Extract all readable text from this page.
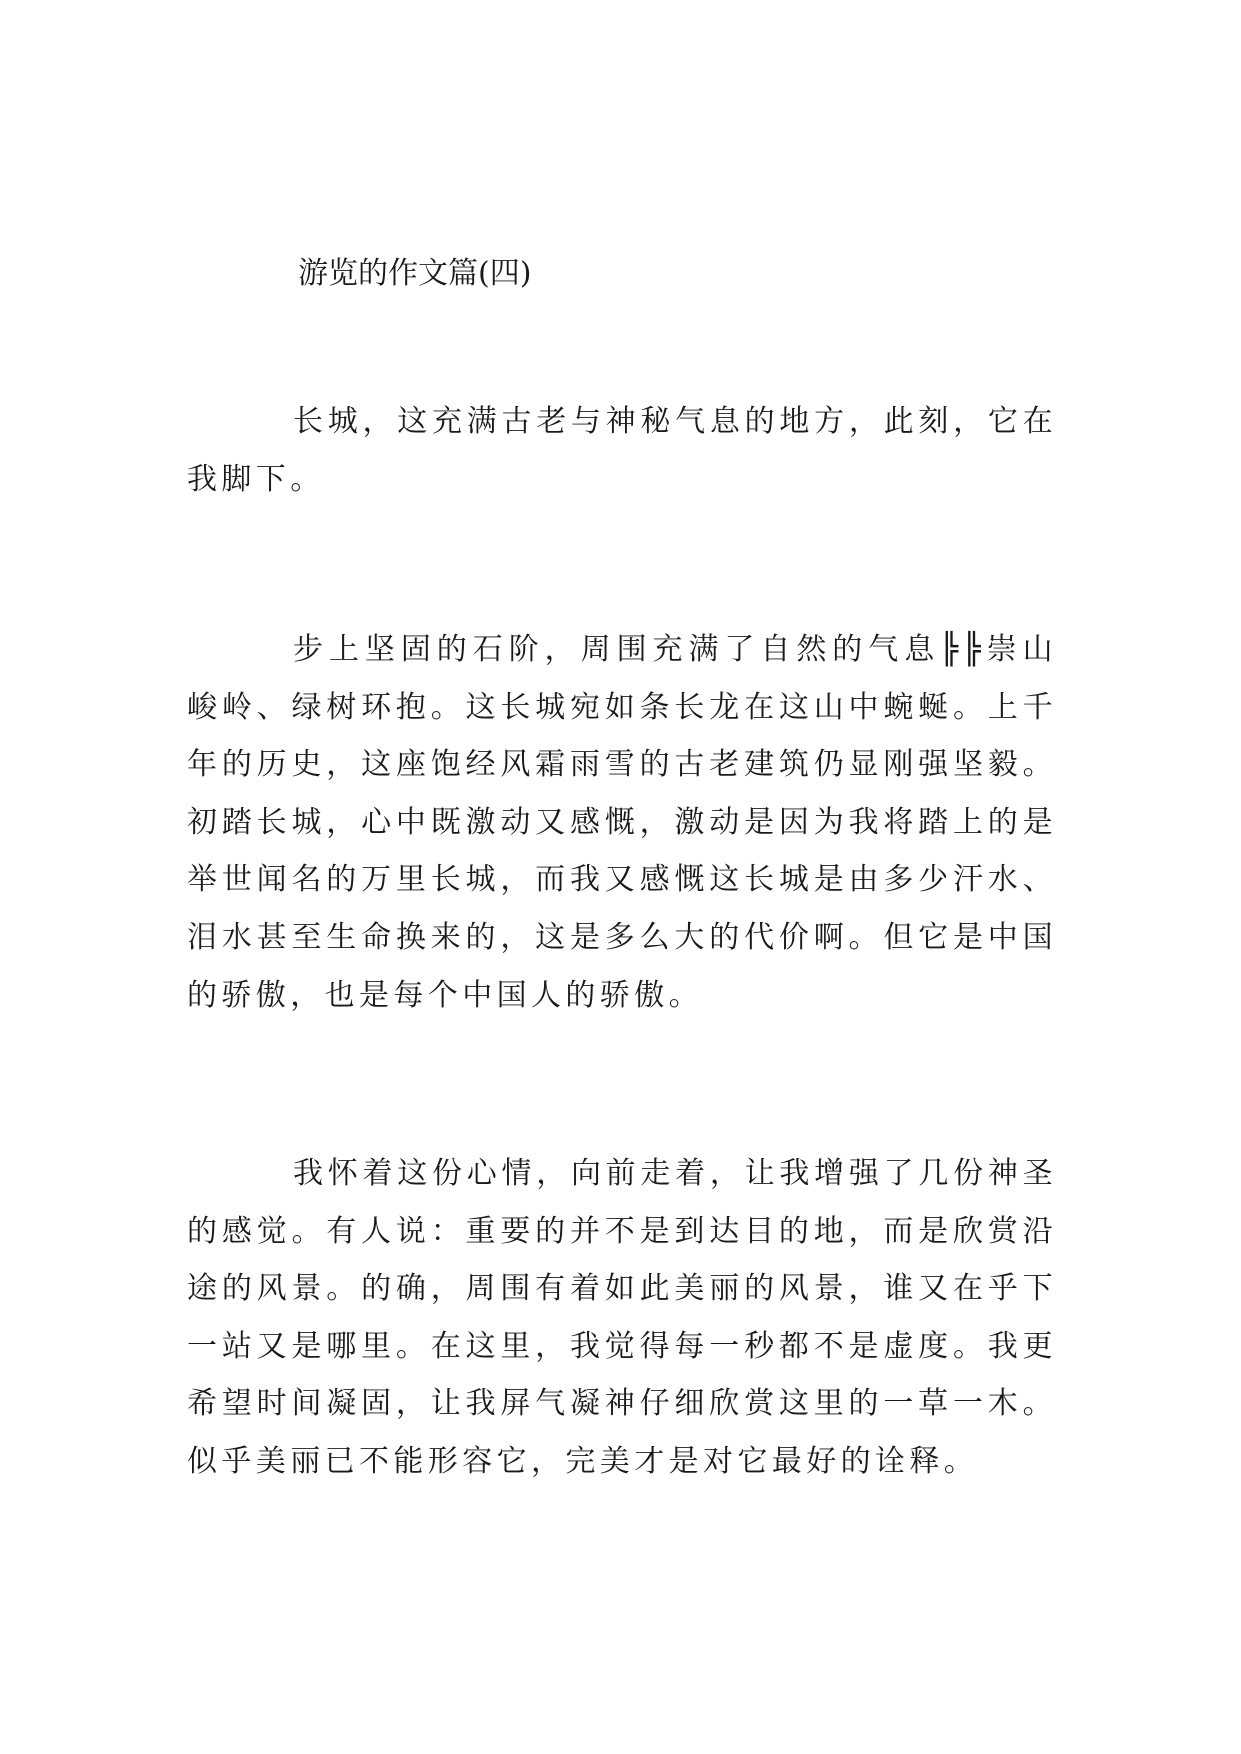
游览的作文篇(四)

长城，这充满古老与神秘气息的地方，此刻，它在我脚下。

步上坚固的石阶，周围充满了自然的气息╠╠崇山峻岭、绿树环抱。这长城宛如条长龙在这山中蜿蜒。上千年的历史，这座饱经风霜雨雪的古老建筑仍显刚强坚毅。初踏长城，心中既激动又感慨，激动是因为我将踏上的是举世闻名的万里长城，而我又感慨这长城是由多少汗水、泪水甚至生命换来的，这是多么大的代价啊。但它是中国的骄傲，也是每个中国人的骄傲。

我怀着这份心情，向前走着，让我增强了几份神圣的感觉。有人说：重要的并不是到达目的地，而是欣赏沿途的风景。的确，周围有着如此美丽的风景，谁又在乎下一站又是哪里。在这里，我觉得每一秒都不是虚度。我更希望时间凝固，让我屏气凝神仔细欣赏这里的一草一木。似乎美丽已不能形容它，完美才是对它最好的诠释。
